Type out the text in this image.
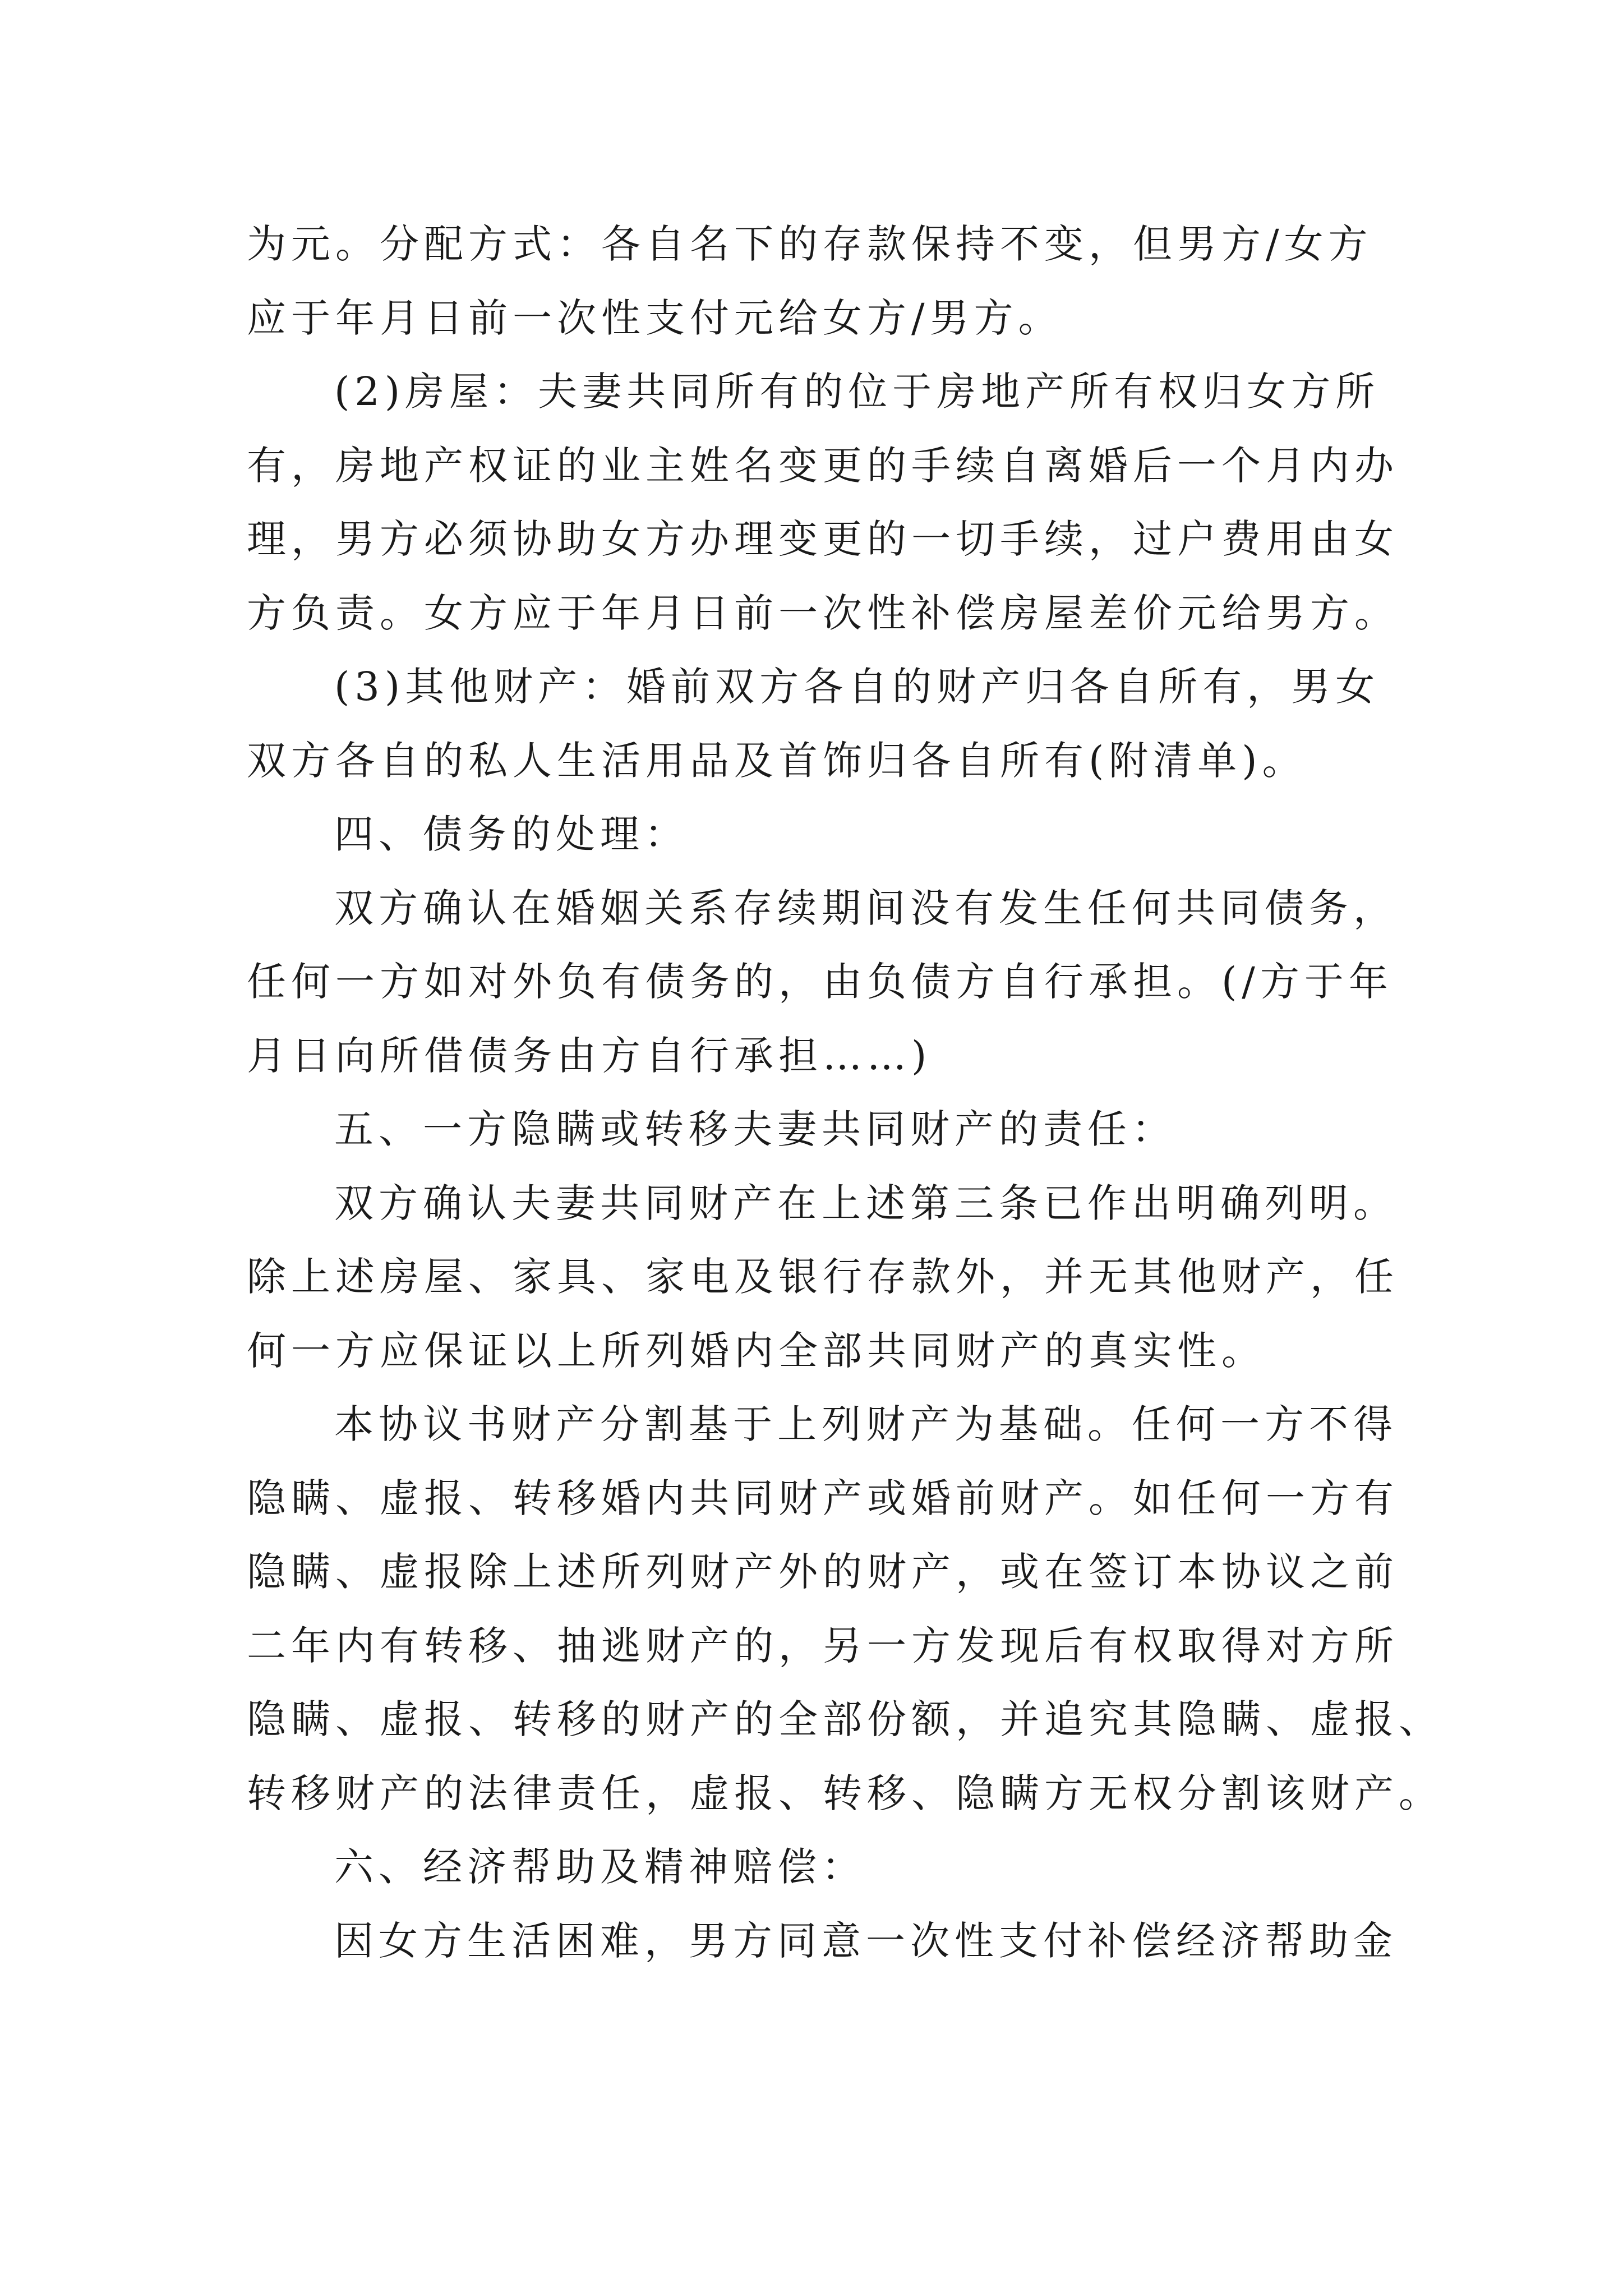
为元。分配方式：各自名下的存款保持不变，但男方/女方
应于年月日前一次性支付元给女方/男方。
(2)房屋：夫妻共同所有的位于房地产所有权归女方所
有，房地产权证的业主姓名变更的手续自离婚后一个月内办
理，男方必须协助女方办理变更的一切手续，过户费用由女
方负责。女方应于年月日前一次性补偿房屋差价元给男方。
(3)其他财产：婚前双方各自的财产归各自所有，男女
双方各自的私人生活用品及首饰归各自所有(附清单)。
四、债务的处理：
双方确认在婚姻关系存续期间没有发生任何共同债务，
任何一方如对外负有债务的，由负债方自行承担。(/方于年
月日向所借债务由方自行承担……)
五、一方隐瞒或转移夫妻共同财产的责任：
双方确认夫妻共同财产在上述第三条已作出明确列明。
除上述房屋、家具、家电及银行存款外，并无其他财产，任
何一方应保证以上所列婚内全部共同财产的真实性。
本协议书财产分割基于上列财产为基础。任何一方不得
隐瞒、虚报、转移婚内共同财产或婚前财产。如任何一方有
隐瞒、虚报除上述所列财产外的财产，或在签订本协议之前
二年内有转移、抽逃财产的，另一方发现后有权取得对方所
隐瞒、虚报、转移的财产的全部份额，并追究其隐瞒、虚报、
转移财产的法律责任，虚报、转移、隐瞒方无权分割该财产。
六、经济帮助及精神赔偿：
因女方生活困难，男方同意一次性支付补偿经济帮助金
